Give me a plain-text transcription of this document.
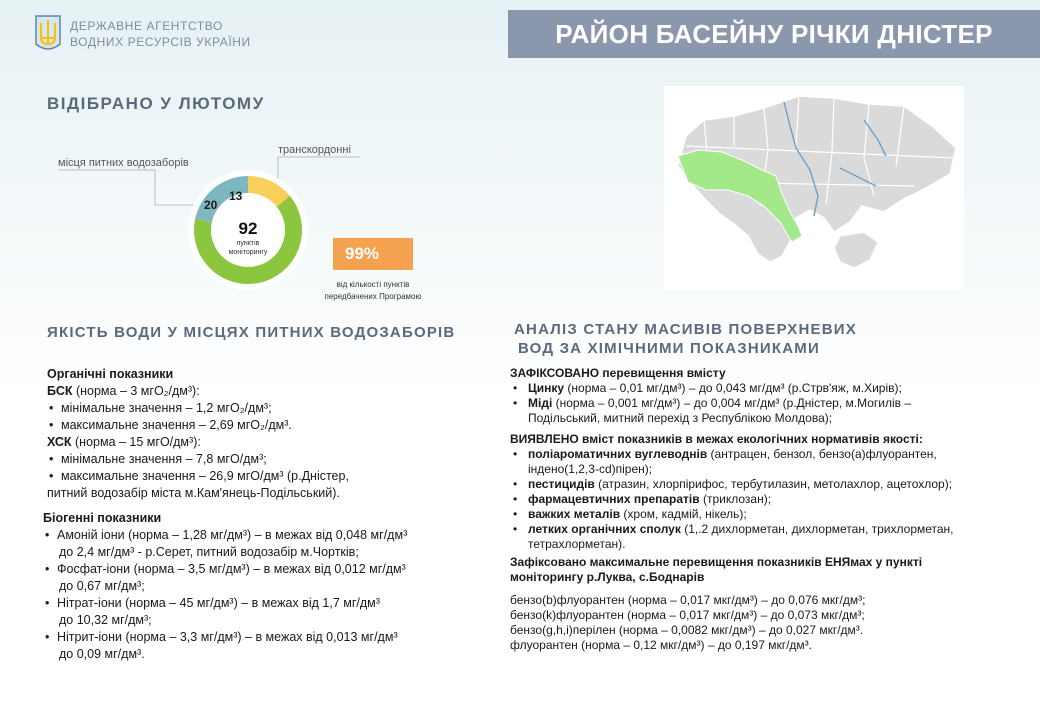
ДЕРЖАВНЕ АГЕНТСТВО
ВОДНИХ РЕСУРСІВ УКРАЇНИ	РАЙОН БАСЕЙНУ РІЧКИ ДНІСТЕР
ВІДІБРАНО У ЛЮТОМУ
місця питних водозаборів
транскордонні
92
пунктів
моніторингу
20
13
99%
від кількості пунктів
передбачених Програмою
ЯКІСТЬ ВОДИ У МІСЦЯХ ПИТНИХ ВОДОЗАБОРІВ
Органічні показники
БСК (норма – 3 мгО₂/дм³):
• мінімальне значення – 1,2 мгО₂/дм³;
• максимальне значення – 2,69 мгО₂/дм³.
ХСК (норма – 15 мгО/дм³):
• мінімальне значення – 7,8 мгО/дм³;
• максимальне значення – 26,9 мгО/дм³ (р.Дністер,
питний водозабір міста м.Кам'янець-Подільський).
Біогенні показники
• Амоній іони (норма – 1,28 мг/дм³) – в межах від 0,048 мг/дм³
до 2,4 мг/дм³ - р.Серет, питний водозабір м.Чортків;
• Фосфат-іони (норма – 3,5 мг/дм³) – в межах від 0,012 мг/дм³
до 0,67 мг/дм³;
• Нітрат-іони (норма – 45 мг/дм³) – в межах від 1,7 мг/дм³
до 10,32 мг/дм³;
• Нітрит-іони (норма – 3,3 мг/дм³) – в межах від 0,013 мг/дм³
до 0,09 мг/дм³.
АНАЛІЗ СТАНУ МАСИВІВ ПОВЕРХНЕВИХ
ВОД ЗА ХІМІЧНИМИ ПОКАЗНИКАМИ
ЗАФІКСОВАНО перевищення вмісту
• Цинку (норма – 0,01 мг/дм³) – до 0,043 мг/дм³ (р.Стрв'яж, м.Хирів);
• Міді (норма – 0,001 мг/дм³) – до 0,004 мг/дм³ (р.Дністер, м.Могилів –
Подільський, митний перехід з Республікою Молдова);
ВИЯВЛЕНО вміст показників в межах екологічних нормативів якості:
• поліароматичних вуглеводнів (антрацен, бензол, бензо(а)флуорантен,
індено(1,2,3-cd)пірен);
• пестицидів (атразин, хлорпірифос, тербутилазин, метолахлор, ацетохлор);
• фармацевтичних препаратів (триклозан);
• важких металів (хром, кадмій, нікель);
• летких органічних сполук (1,.2 дихлорметан, дихлорметан, трихлорметан,
тетрахлорметан).
Зафіксовано максимальне перевищення показників ЕНЯмах у пункті
моніторингу р.Луква, с.Боднарів
бензо(b)флуорантен (норма – 0,017 мкг/дм³) – до 0,076 мкг/дм³;
бензо(k)флуорантен (норма – 0,017 мкг/дм³) – до 0,073 мкг/дм³;
бензо(g,h,i)перілен (норма – 0,0082 мкг/дм³) – до 0,027 мкг/дм³.
флуорантен (норма – 0,12 мкг/дм³) – до 0,197 мкг/дм³.
